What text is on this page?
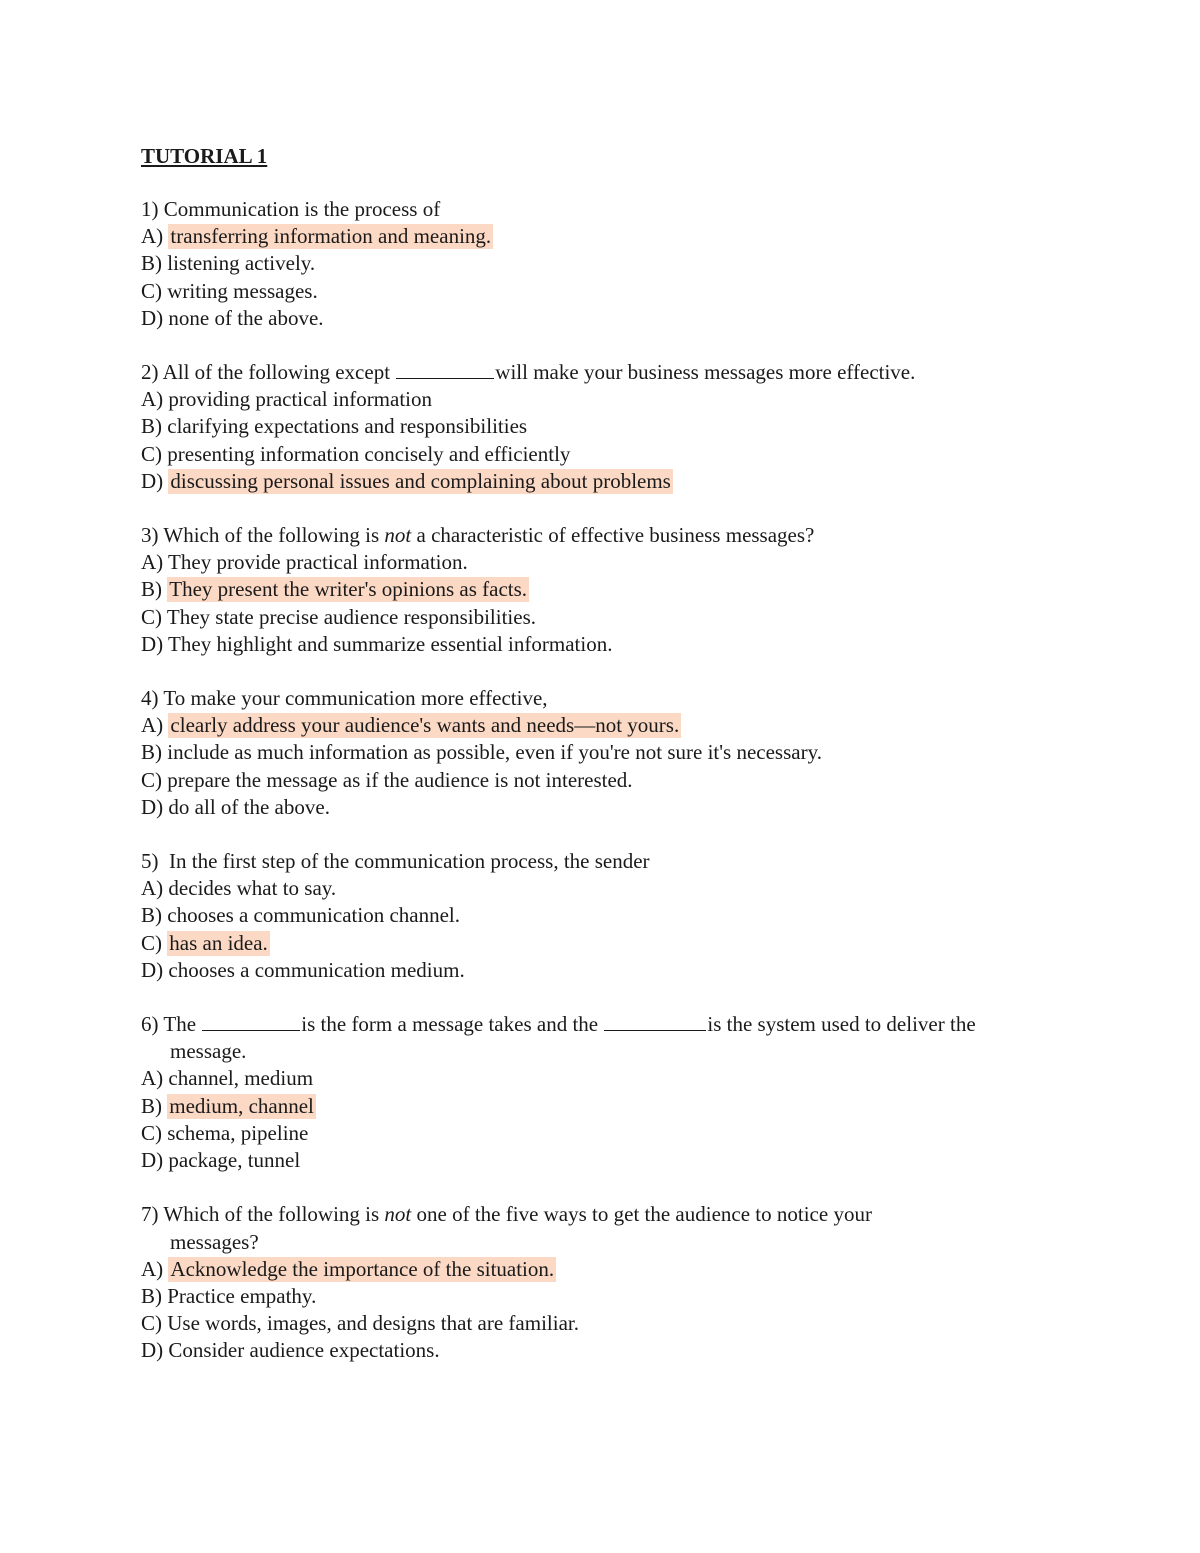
TUTORIAL 1
1) Communication is the process of
A) transferring information and meaning.
B) listening actively.
C) writing messages.
D) none of the above.
2) All of the following except	will make your business messages more effective.
A) providing practical information
B) clarifying expectations and responsibilities
C) presenting information concisely and efficiently
D) discussing personal issues and complaining about problems
3) Which of the following is not a characteristic of effective business messages?
A) They provide practical information.
B) They present the writer's opinions as facts.
C) They state precise audience responsibilities.
D) They highlight and summarize essential information.
4) To make your communication more effective,
A) clearly address your audience's wants and needs—not yours.
B) include as much information as possible, even if you're not sure it's necessary.
C) prepare the message as if the audience is not interested.
D) do all of the above.
5) In the first step of the communication process, the sender
A) decides what to say.
B) chooses a communication channel.
C) has an idea.
D) chooses a communication medium.
6) The	is the form a message takes and the	is the system used to deliver the
message.
A) channel, medium
B) medium, channel
C) schema, pipeline
D) package, tunnel
7) Which of the following is not one of the five ways to get the audience to notice your
messages?
A) Acknowledge the importance of the situation.
B) Practice empathy.
C) Use words, images, and designs that are familiar.
D) Consider audience expectations.
